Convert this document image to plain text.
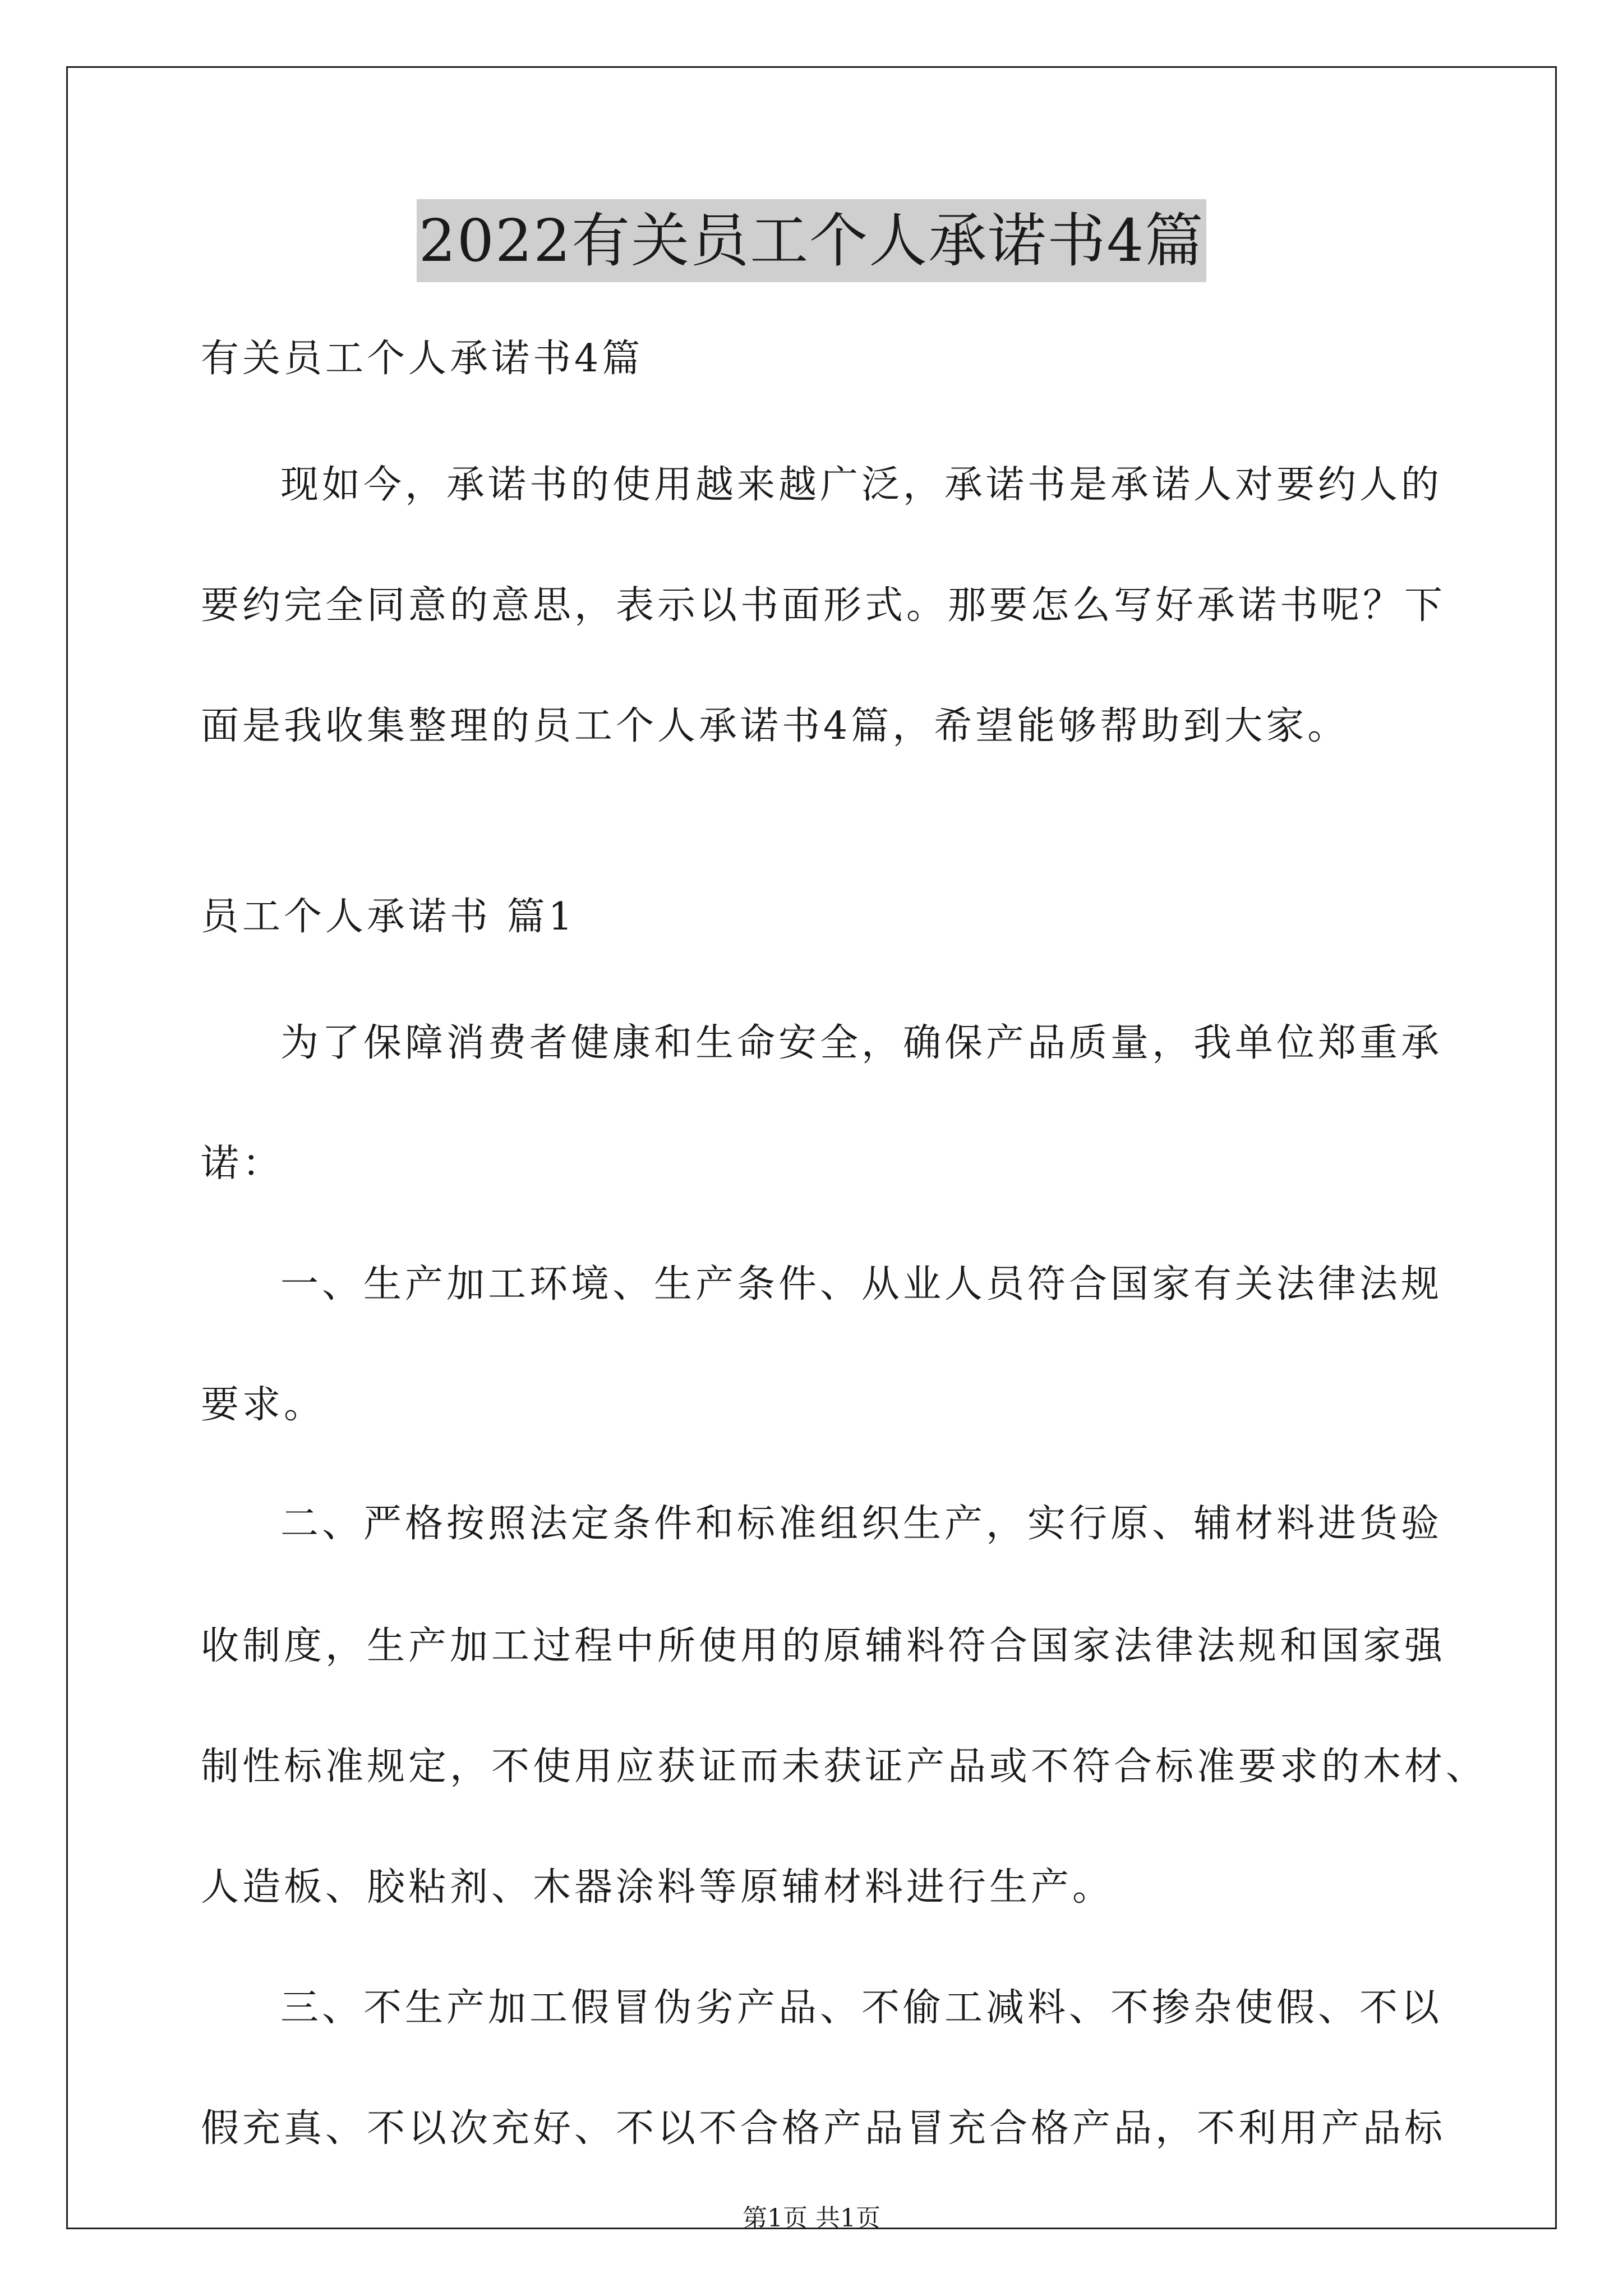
2022有关员工个人承诺书4篇
有关员工个人承诺书4篇
现如今，承诺书的使用越来越广泛，承诺书是承诺人对要约人的
要约完全同意的意思，表示以书面形式。那要怎么写好承诺书呢？下
面是我收集整理的员工个人承诺书4篇，希望能够帮助到大家。
员工个人承诺书 篇1
为了保障消费者健康和生命安全，确保产品质量，我单位郑重承
诺：
一、生产加工环境、生产条件、从业人员符合国家有关法律法规
要求。
二、严格按照法定条件和标准组织生产，实行原、辅材料进货验
收制度，生产加工过程中所使用的原辅料符合国家法律法规和国家强
制性标准规定，不使用应获证而未获证产品或不符合标准要求的木材、
人造板、胶粘剂、木器涂料等原辅材料进行生产。
三、不生产加工假冒伪劣产品、不偷工减料、不掺杂使假、不以
假充真、不以次充好、不以不合格产品冒充合格产品，不利用产品标
第1页 共1页
